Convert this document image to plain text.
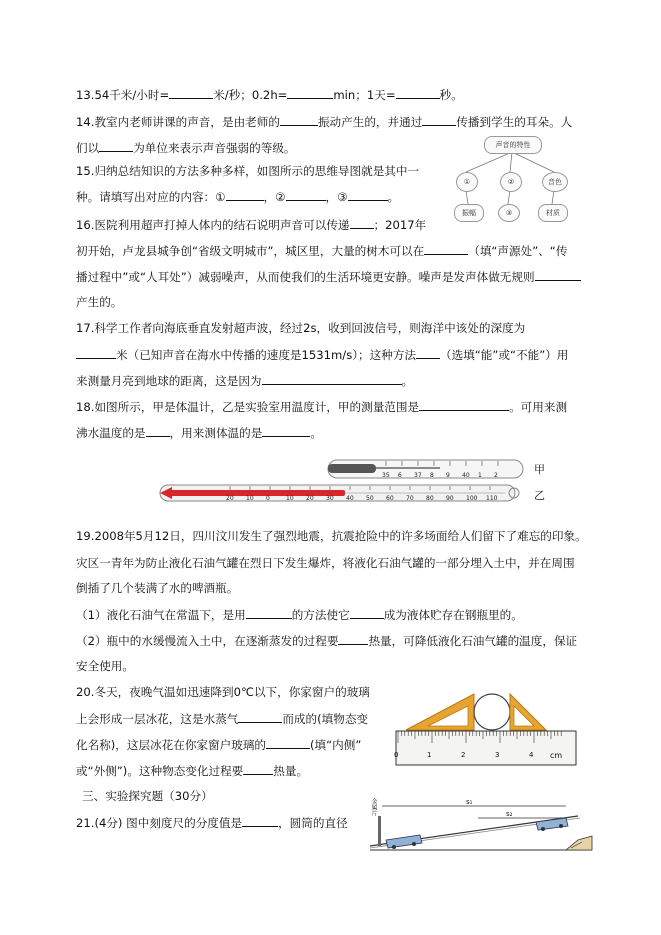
13.54千米/小时=	米/秒；0.2h=	min；1天=	秒。
14.教室内老师讲课的声音，是由老师的	振动产生的，并通过	传播到学生的耳朵。人
们以	为单位来表示声音强弱的等级。	声音的特性
①	②	音色
振幅	③	材质
15.归纳总结知识的方法多种多样，如图所示的思维导图就是其中一
种。请填写出对应的内容：①	，②	，③	。
16.医院利用超声打掉人体内的结石说明声音可以传递 ；2017年
初开始，卢龙县城争创“省级文明城市”，城区里，大量的树木可以在	（填“声源处”、“传
播过程中”或“人耳处”）减弱噪声，从而使我们的生活环境更安静。噪声是发声体做无规则
产生的。
17.科学工作者向海底垂直发射超声波，经过2s，收到回波信号，则海洋中该处的深度为
米（已知声音在海水中传播的速度是1531m/s）；这种方法 （选填“能”或“不能”）用
来测量月亮到地球的距离，这是因为	。
18.如图所示，甲是体温计，乙是实验室用温度计，甲的测量范围是	。可用来测
沸水温度的是 ，用来测体温的是	。
35 6 37 8 9 40 1 2
20 10 0	10 20 30 40 50 60 70 80 90 100 110
甲
乙
19.2008年5月12日，四川汶川发生了强烈地震，抗震抢险中的许多场面给人们留下了难忘的印象。
灾区一青年为防止液化石油气罐在烈日下发生爆炸，将液化石油气罐的一部分埋入土中，并在周围
倒插了几个装满了水的啤酒瓶。
（1）液化石油气在常温下，是用	的方法使它	成为液体贮存在钢瓶里的。
（2）瓶中的水缓慢流入土中，在逐渐蒸发的过程要	热量，可降低液化石油气罐的温度，保证
安全使用。
20.冬天，夜晚气温如迅速降到0℃以下，你家窗户的玻璃
上会形成一层冰花，这是水蒸气	而成的(填物态变
化名称)，这层冰花在你家窗户玻璃的	(填“内侧”
或“外侧”)。这种物态变化过程要	热量。
0	1	2	3	4 cm
三、实验探究题（30分）
21.(4分) 图中刻度尺的分度值是	，圆筒的直径
金属片	s₁
s₂
